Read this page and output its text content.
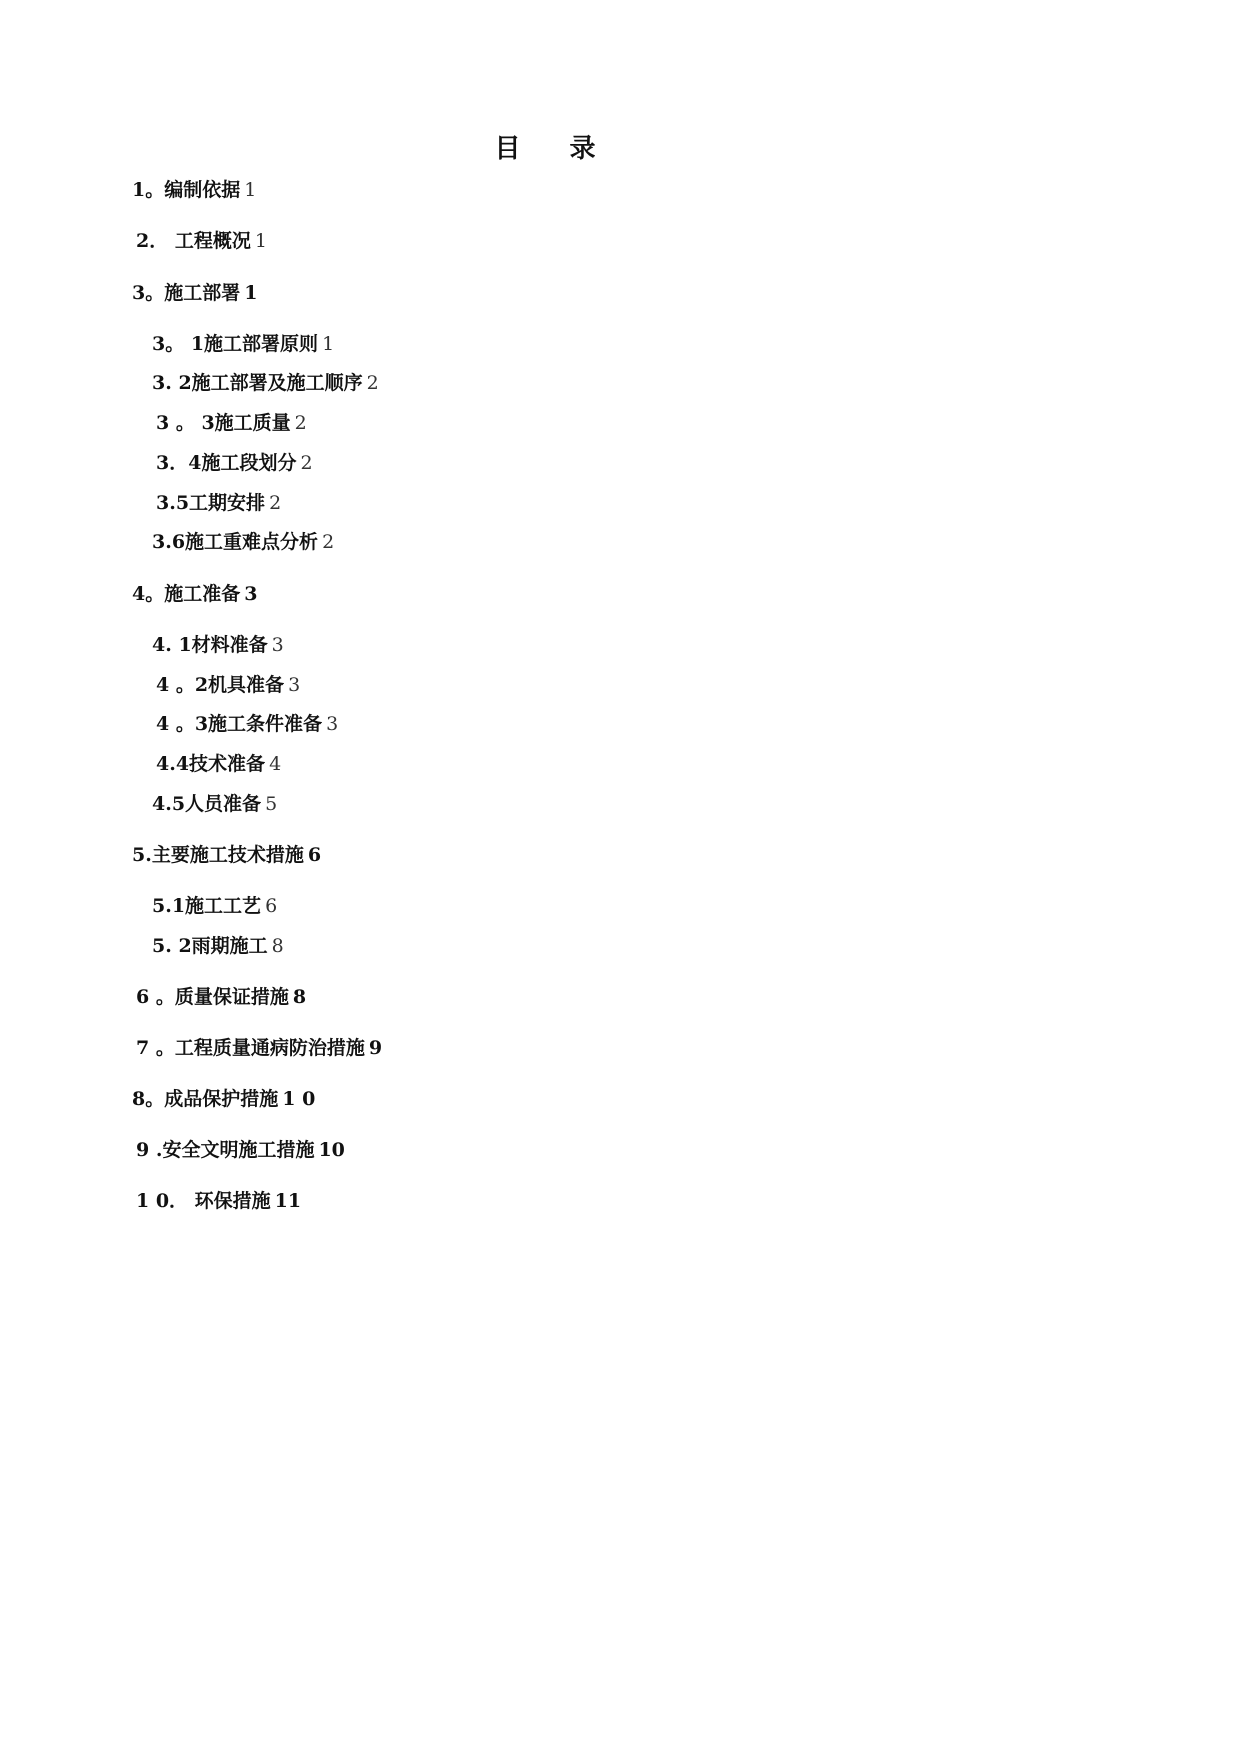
目 录
1。编制依据 1
2． 工程概况 1
3。施工部署 1
3。 1施工部署原则 1
3. 2施工部署及施工顺序 2
3 。 3施工质量 2
3．4施工段划分 2
3.5工期安排 2
3.6施工重难点分析 2
4。施工准备 3
4. 1材料准备 3
4 。2机具准备 3
4 。3施工条件准备 3
4.4技术准备 4
4.5人员准备 5
5.主要施工技术措施 6
5.1施工工艺 6
5. 2雨期施工 8
6 。质量保证措施 8
7 。工程质量通病防治措施 9
8。成品保护措施 1 0
9 .安全文明施工措施 10
1 0． 环保措施 11
